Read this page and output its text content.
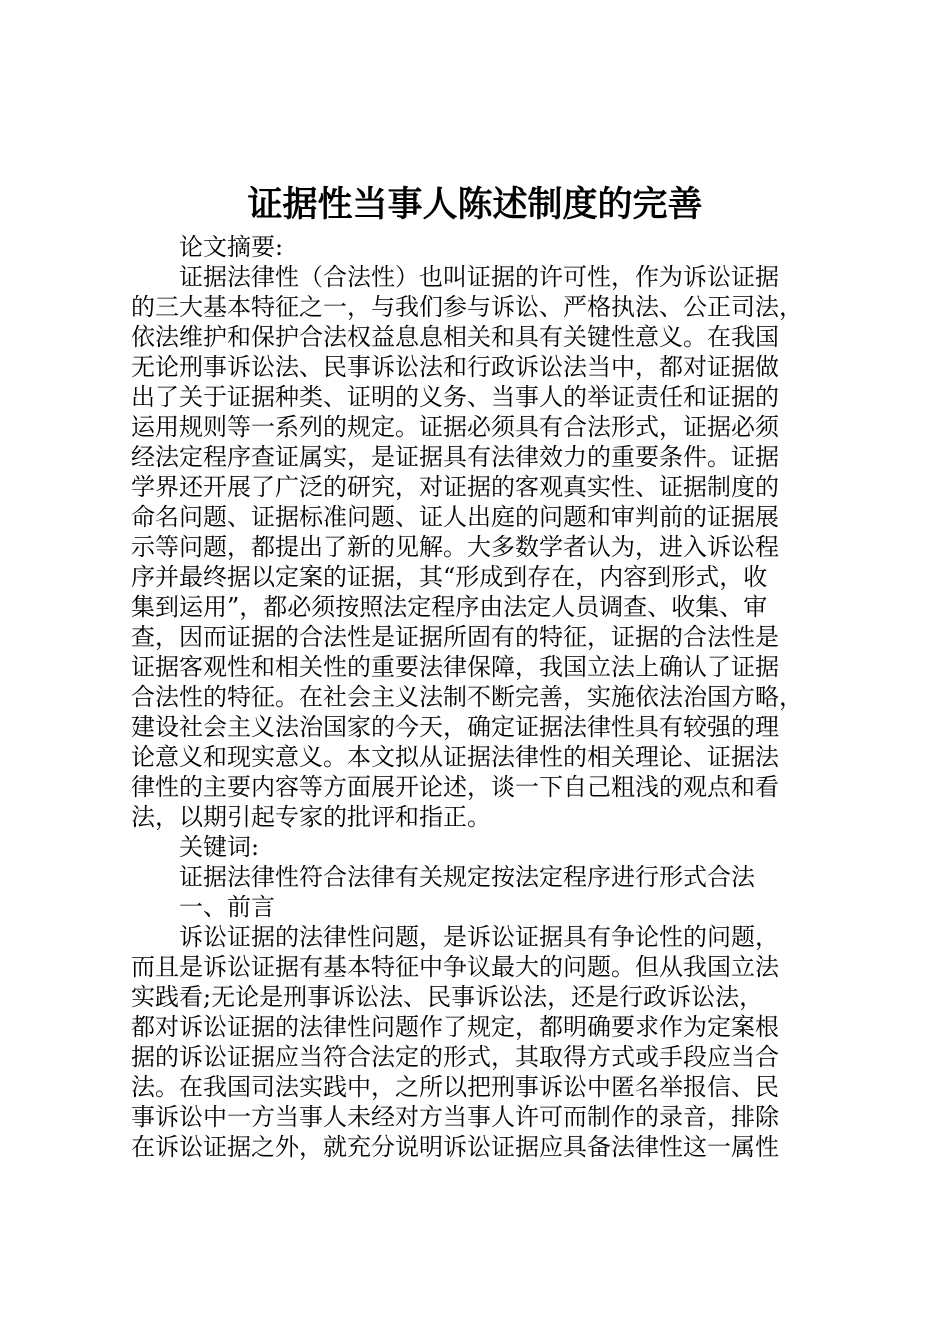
证据性当事人陈述制度的完善
论文摘要:
证据法律性（合法性）也叫证据的许可性，作为诉讼证据
的三大基本特征之一，与我们参与诉讼、严格执法、公正司法，
依法维护和保护合法权益息息相关和具有关键性意义。在我国
无论刑事诉讼法、民事诉讼法和行政诉讼法当中，都对证据做
出了关于证据种类、证明的义务、当事人的举证责任和证据的
运用规则等一系列的规定。证据必须具有合法形式，证据必须
经法定程序查证属实，是证据具有法律效力的重要条件。证据
学界还开展了广泛的研究，对证据的客观真实性、证据制度的
命名问题、证据标准问题、证人出庭的问题和审判前的证据展
示等问题，都提出了新的见解。大多数学者认为，进入诉讼程
序并最终据以定案的证据，其“形成到存在，内容到形式，收
集到运用”，都必须按照法定程序由法定人员调查、收集、审
查，因而证据的合法性是证据所固有的特征，证据的合法性是
证据客观性和相关性的重要法律保障，我国立法上确认了证据
合法性的特征。在社会主义法制不断完善，实施依法治国方略，
建设社会主义法治国家的今天，确定证据法律性具有较强的理
论意义和现实意义。本文拟从证据法律性的相关理论、证据法
律性的主要内容等方面展开论述，谈一下自己粗浅的观点和看
法，以期引起专家的批评和指正。
关键词:
证据法律性符合法律有关规定按法定程序进行形式合法
一、前言
诉讼证据的法律性问题，是诉讼证据具有争论性的问题，
而且是诉讼证据有基本特征中争议最大的问题。但从我国立法
实践看;无论是刑事诉讼法、民事诉讼法，还是行政诉讼法，
都对诉讼证据的法律性问题作了规定，都明确要求作为定案根
据的诉讼证据应当符合法定的形式，其取得方式或手段应当合
法。在我国司法实践中，之所以把刑事诉讼中匿名举报信、民
事诉讼中一方当事人未经对方当事人许可而制作的录音，排除
在诉讼证据之外，就充分说明诉讼证据应具备法律性这一属性
